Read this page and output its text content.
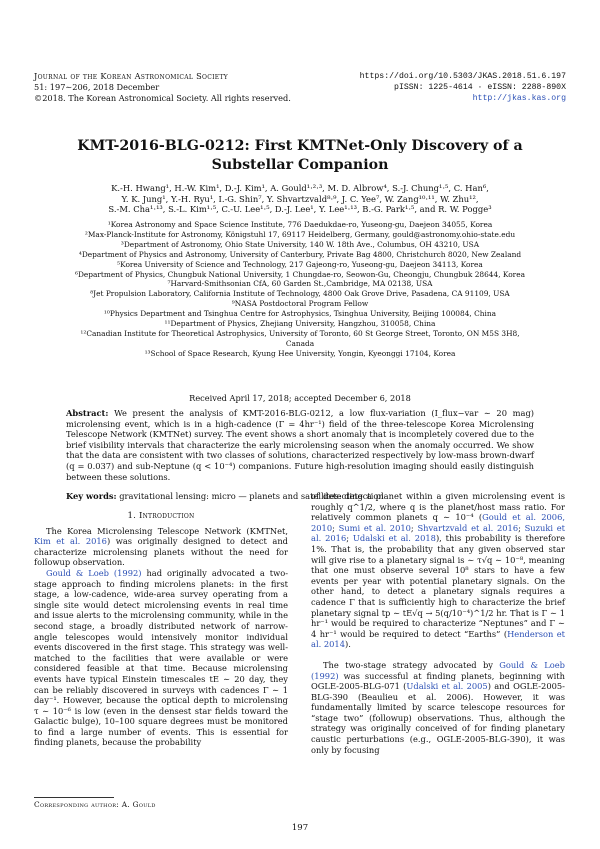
Journal of the Korean Astronomical Society
51: 197∼206, 2018 December
©2018. The Korean Astronomical Society. All rights reserved.
https://doi.org/10.5303/JKAS.2018.51.6.197
pISSN: 1225-4614 · eISSN: 2288-890X
http://jkas.kas.org
KMT-2016-BLG-0212: First KMTNet-Only Discovery of a
Substellar Companion
K.-H. Hwang¹, H.-W. Kim¹, D.-J. Kim¹, A. Gould¹·²·³, M. D. Albrow⁴, S.-J. Chung¹·⁵, C. Han⁶,
Y. K. Jung¹, Y.-H. Ryu¹, I.-G. Shin⁷, Y. Shvartzvald⁸·⁹, J. C. Yee⁷, W. Zang¹⁰·¹¹, W. Zhu¹²,
S.-M. Cha¹·¹³, S.-L. Kim¹·⁵, C.-U. Lee¹·⁵, D.-J. Lee¹, Y. Lee¹·¹³, B.-G. Park¹·⁵, and R. W. Pogge³
¹Korea Astronomy and Space Science Institute, 776 Daedukdae-ro, Yuseong-gu, Daejeon 34055, Korea
²Max-Planck-Institute for Astronomy, Königstuhl 17, 69117 Heidelberg, Germany, gould@astronomy.ohio-state.edu
³Department of Astronomy, Ohio State University, 140 W. 18th Ave., Columbus, OH 43210, USA
⁴Department of Physics and Astronomy, University of Canterbury, Private Bag 4800, Christchurch 8020, New Zealand
⁵Korea University of Science and Technology, 217 Gajeong-ro, Yuseong-gu, Daejeon 34113, Korea
⁶Department of Physics, Chungbuk National University, 1 Chungdae-ro, Seowon-Gu, Cheongju, Chungbuk 28644, Korea
⁷Harvard-Smithsonian CfA, 60 Garden St.,Cambridge, MA 02138, USA
⁸Jet Propulsion Laboratory, California Institute of Technology, 4800 Oak Grove Drive, Pasadena, CA 91109, USA
⁹NASA Postdoctoral Program Fellow
¹⁰Physics Department and Tsinghua Centre for Astrophysics, Tsinghua University, Beijing 100084, China
¹¹Department of Physics, Zhejiang University, Hangzhou, 310058, China
¹²Canadian Institute for Theoretical Astrophysics, University of Toronto, 60 St George Street, Toronto, ON M5S 3H8,
Canada
¹³School of Space Research, Kyung Hee University, Yongin, Kyeonggi 17104, Korea
Received April 17, 2018; accepted December 6, 2018
Abstract: We present the analysis of KMT-2016-BLG-0212, a low flux-variation (I_flux−var ∼ 20 mag) microlensing event, which is in a high-cadence (Γ = 4hr⁻¹) field of the three-telescope Korea Microlensing Telescope Network (KMTNet) survey. The event shows a short anomaly that is incompletely covered due to the brief visibility intervals that characterize the early microlensing season when the anomaly occurred. We show that the data are consistent with two classes of solutions, characterized respectively by low-mass brown-dwarf (q = 0.037) and sub-Neptune (q < 10⁻⁴) companions. Future high-resolution imaging should easily distinguish between these solutions.
Key words: gravitational lensing: micro — planets and satellites: detection
1. Introduction

The Korea Microlensing Telescope Network (KMTNet, Kim et al. 2016) was originally designed to detect and characterize microlensing planets without the need for followup observation.

Gould & Loeb (1992) had originally advocated a two-stage approach to finding microlens planets: in the first stage, a low-cadence, wide-area survey operating from a single site would detect microlensing events in real time and issue alerts to the microlensing community, while in the second stage, a broadly distributed network of narrow-angle telescopes would intensively monitor individual events discovered in the first stage. This strategy was well-matched to the facilities that were available or were considered feasible at that time. Because microlensing events have typical Einstein timescales tE ∼ 20 day, they can be reliably discovered in surveys with cadences Γ ∼ 1 day⁻¹. However, because the optical depth to microlensing τ ∼ 10⁻⁶ is low (even in the densest star fields toward the Galactic bulge), 10–100 square degrees must be monitored to find a large number of events. This is essential for finding planets, because the probability

of detecting a planet within a given microlensing event is roughly q^1/2, where q is the planet/host mass ratio. For relatively common planets q ∼ 10⁻⁴ (Gould et al. 2006, 2010; Sumi et al. 2010; Shvartzvald et al. 2016; Suzuki et al. 2016; Udalski et al. 2018), this probability is therefore 1%. That is, the probability that any given observed star will give rise to a planetary signal is ∼ τ√q ∼ 10⁻⁸, meaning that one must observe several 10⁸ stars to have a few events per year with potential planetary signals. On the other hand, to detect a planetary signals requires a cadence Γ that is sufficiently high to characterize the brief planetary signal tp ∼ tE√q → 5(q/10⁻⁴)^1/2 hr. That is Γ ∼ 1 hr⁻¹ would be required to characterize “Neptunes” and Γ ∼ 4 hr⁻¹ would be required to detect “Earths” (Henderson et al. 2014).

The two-stage strategy advocated by Gould & Loeb (1992) was successful at finding planets, beginning with OGLE-2005-BLG-071 (Udalski et al. 2005) and OGLE-2005-BLG-390 (Beaulieu et al. 2006). However, it was fundamentally limited by scarce telescope resources for “stage two” (followup) observations. Thus, although the strategy was originally conceived of for finding planetary caustic perturbations (e.g., OGLE-2005-BLG-390), it was only by focusing

Corresponding author: A. Gould
197
